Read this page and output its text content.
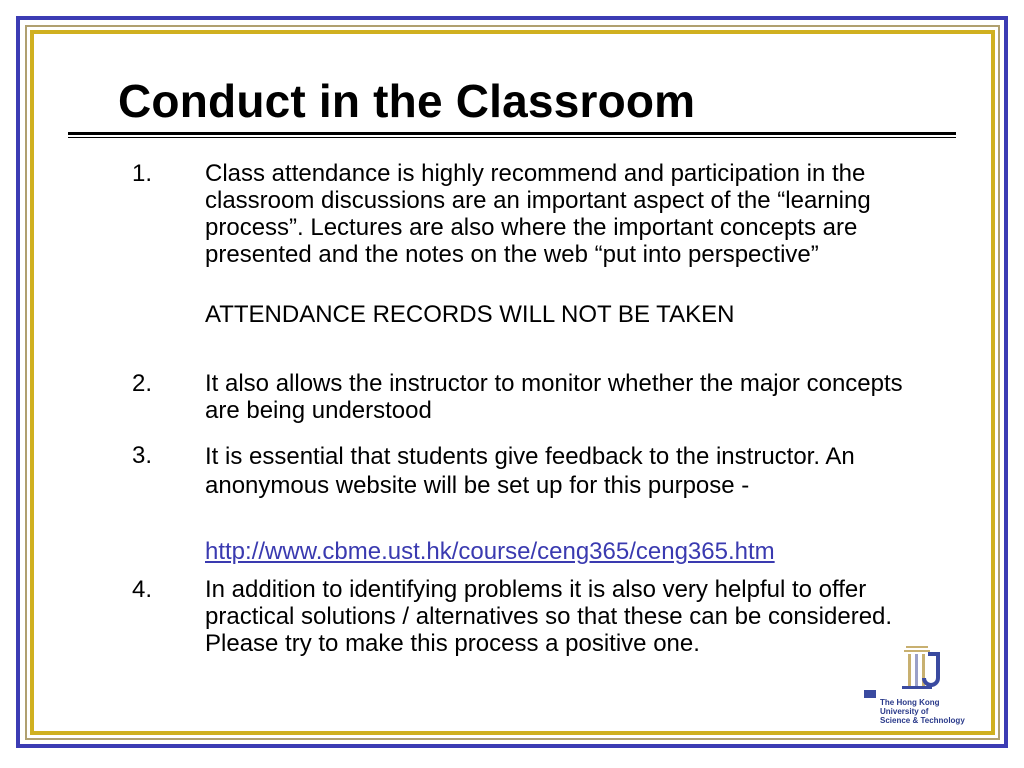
Conduct in the Classroom
1. Class attendance is highly recommend and participation in the classroom discussions are an important aspect of the “learning process”. Lectures are also where the important concepts are presented and the notes on the web “put into perspective”
ATTENDANCE RECORDS WILL NOT BE TAKEN
2. It also allows the instructor to monitor whether the major concepts are being understood
3. It is essential that students give feedback to the instructor. An anonymous website will be set up for this purpose -
http://www.cbme.ust.hk/course/ceng365/ceng365.htm
4. In addition to identifying problems it is also very helpful to offer practical solutions / alternatives so that these can be considered. Please try to make this process a positive one.
The Hong Kong
University of
Science & Technology
